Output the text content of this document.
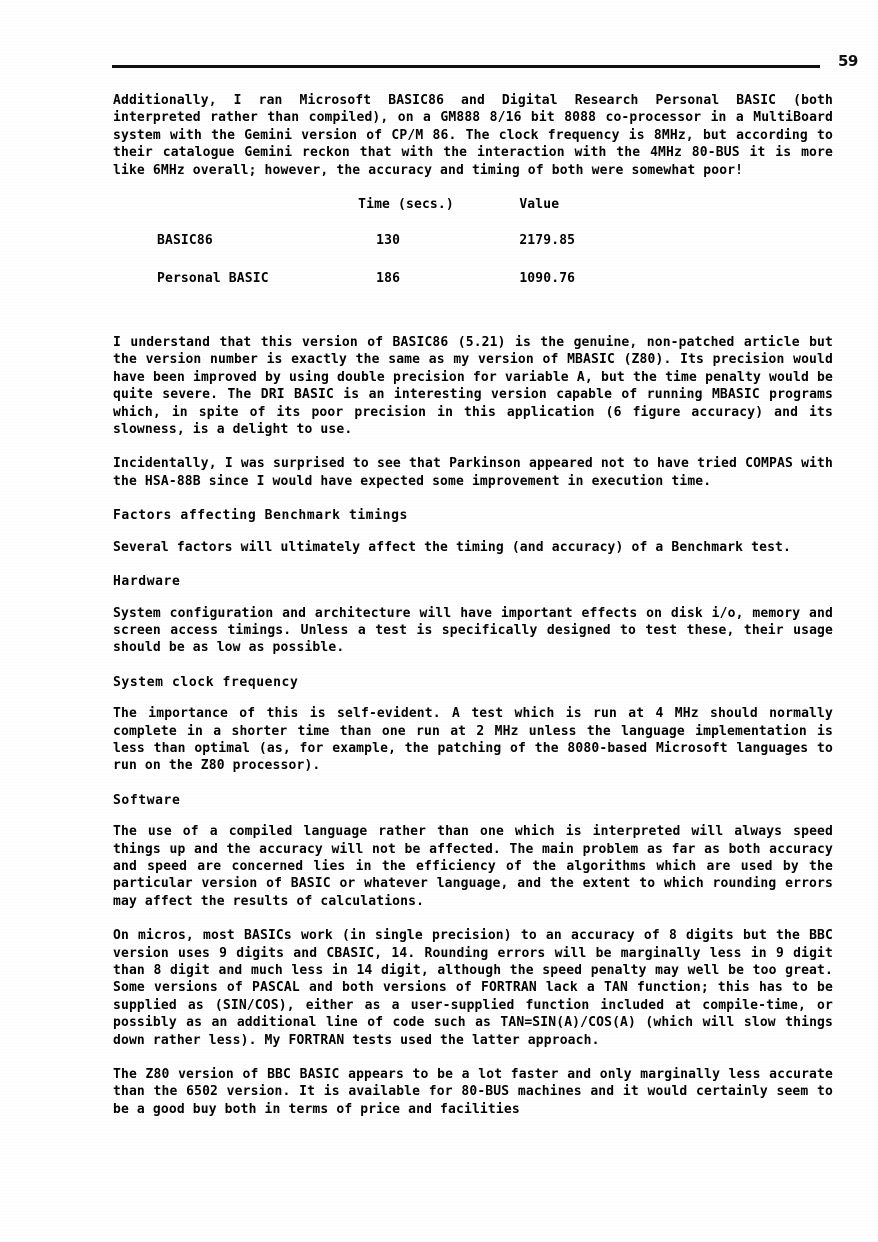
59

Additionally, I ran Microsoft BASIC86 and Digital Research Personal BASIC (both interpreted rather than compiled), on a GM888 8/16 bit 8088 co-processor in a MultiBoard system with the Gemini version of CP/M 86. The clock frequency is 8MHz, but according to their catalogue Gemini reckon that with the interaction with the 4MHz 80-BUS it is more like 6MHz overall; however, the accuracy and timing of both were somewhat poor!

	Time (secs.)	Value
BASIC86	130	2179.85
Personal BASIC	186	1090.76

I understand that this version of BASIC86 (5.21) is the genuine, non-patched article but the version number is exactly the same as my version of MBASIC (Z80). Its precision would have been improved by using double precision for variable A, but the time penalty would be quite severe. The DRI BASIC is an interesting version capable of running MBASIC programs which, in spite of its poor precision in this application (6 figure accuracy) and its slowness, is a delight to use.

Incidentally, I was surprised to see that Parkinson appeared not to have tried COMPAS with the HSA-88B since I would have expected some improvement in execution time.

Factors affecting Benchmark timings

Several factors will ultimately affect the timing (and accuracy) of a Benchmark test.

Hardware

System configuration and architecture will have important effects on disk i/o, memory and screen access timings. Unless a test is specifically designed to test these, their usage should be as low as possible.

System clock frequency

The importance of this is self-evident. A test which is run at 4 MHz should normally complete in a shorter time than one run at 2 MHz unless the language implementation is less than optimal (as, for example, the patching of the 8080-based Microsoft languages to run on the Z80 processor).

Software

The use of a compiled language rather than one which is interpreted will always speed things up and the accuracy will not be affected. The main problem as far as both accuracy and speed are concerned lies in the efficiency of the algorithms which are used by the particular version of BASIC or whatever language, and the extent to which rounding errors may affect the results of calculations.

On micros, most BASICs work (in single precision) to an accuracy of 8 digits but the BBC version uses 9 digits and CBASIC, 14. Rounding errors will be marginally less in 9 digit than 8 digit and much less in 14 digit, although the speed penalty may well be too great. Some versions of PASCAL and both versions of FORTRAN lack a TAN function; this has to be supplied as (SIN/COS), either as a user-supplied function included at compile-time, or possibly as an additional line of code such as TAN=SIN(A)/COS(A) (which will slow things down rather less). My FORTRAN tests used the latter approach.

The Z80 version of BBC BASIC appears to be a lot faster and only marginally less accurate than the 6502 version. It is available for 80-BUS machines and it would certainly seem to be a good buy both in terms of price and facilities
